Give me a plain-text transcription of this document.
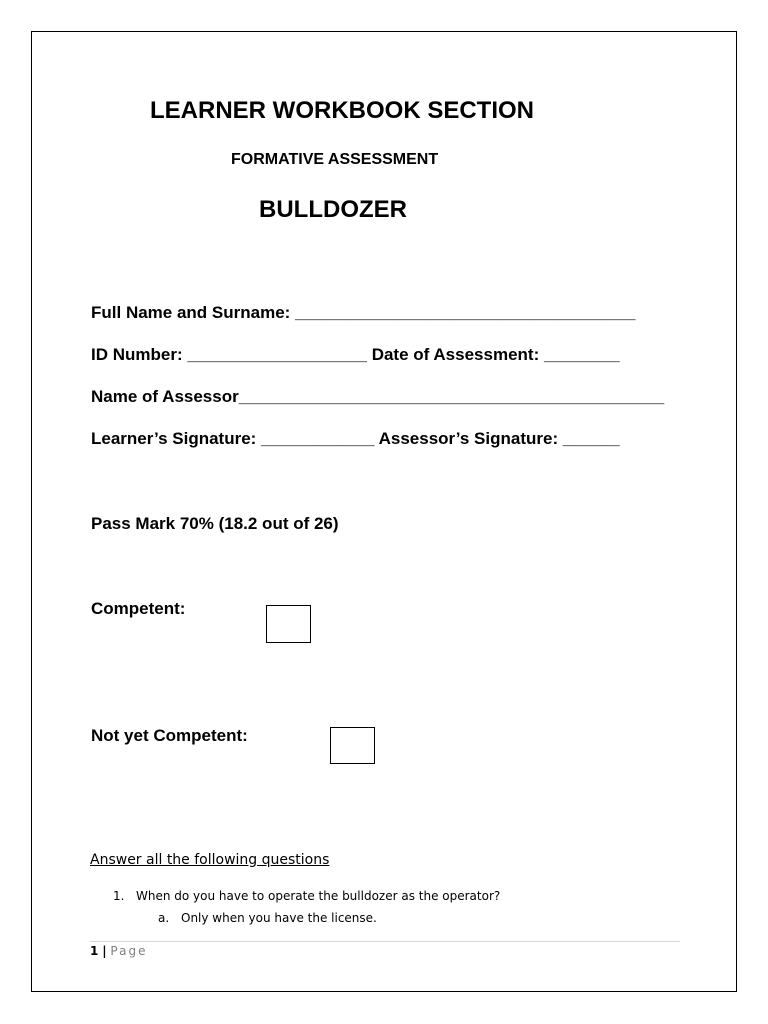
LEARNER WORKBOOK SECTION
FORMATIVE ASSESSMENT
BULLDOZER
Full Name and Surname: ____________________________________
ID Number: ___________________ Date of Assessment: ________
Name of Assessor_____________________________________________
Learner’s Signature: ____________ Assessor’s Signature: ______
Pass Mark 70% (18.2 out of 26)
Competent:
Not yet Competent:
Answer all the following questions
1. When do you have to operate the bulldozer as the operator?
a. Only when you have the license.
1 | Page
